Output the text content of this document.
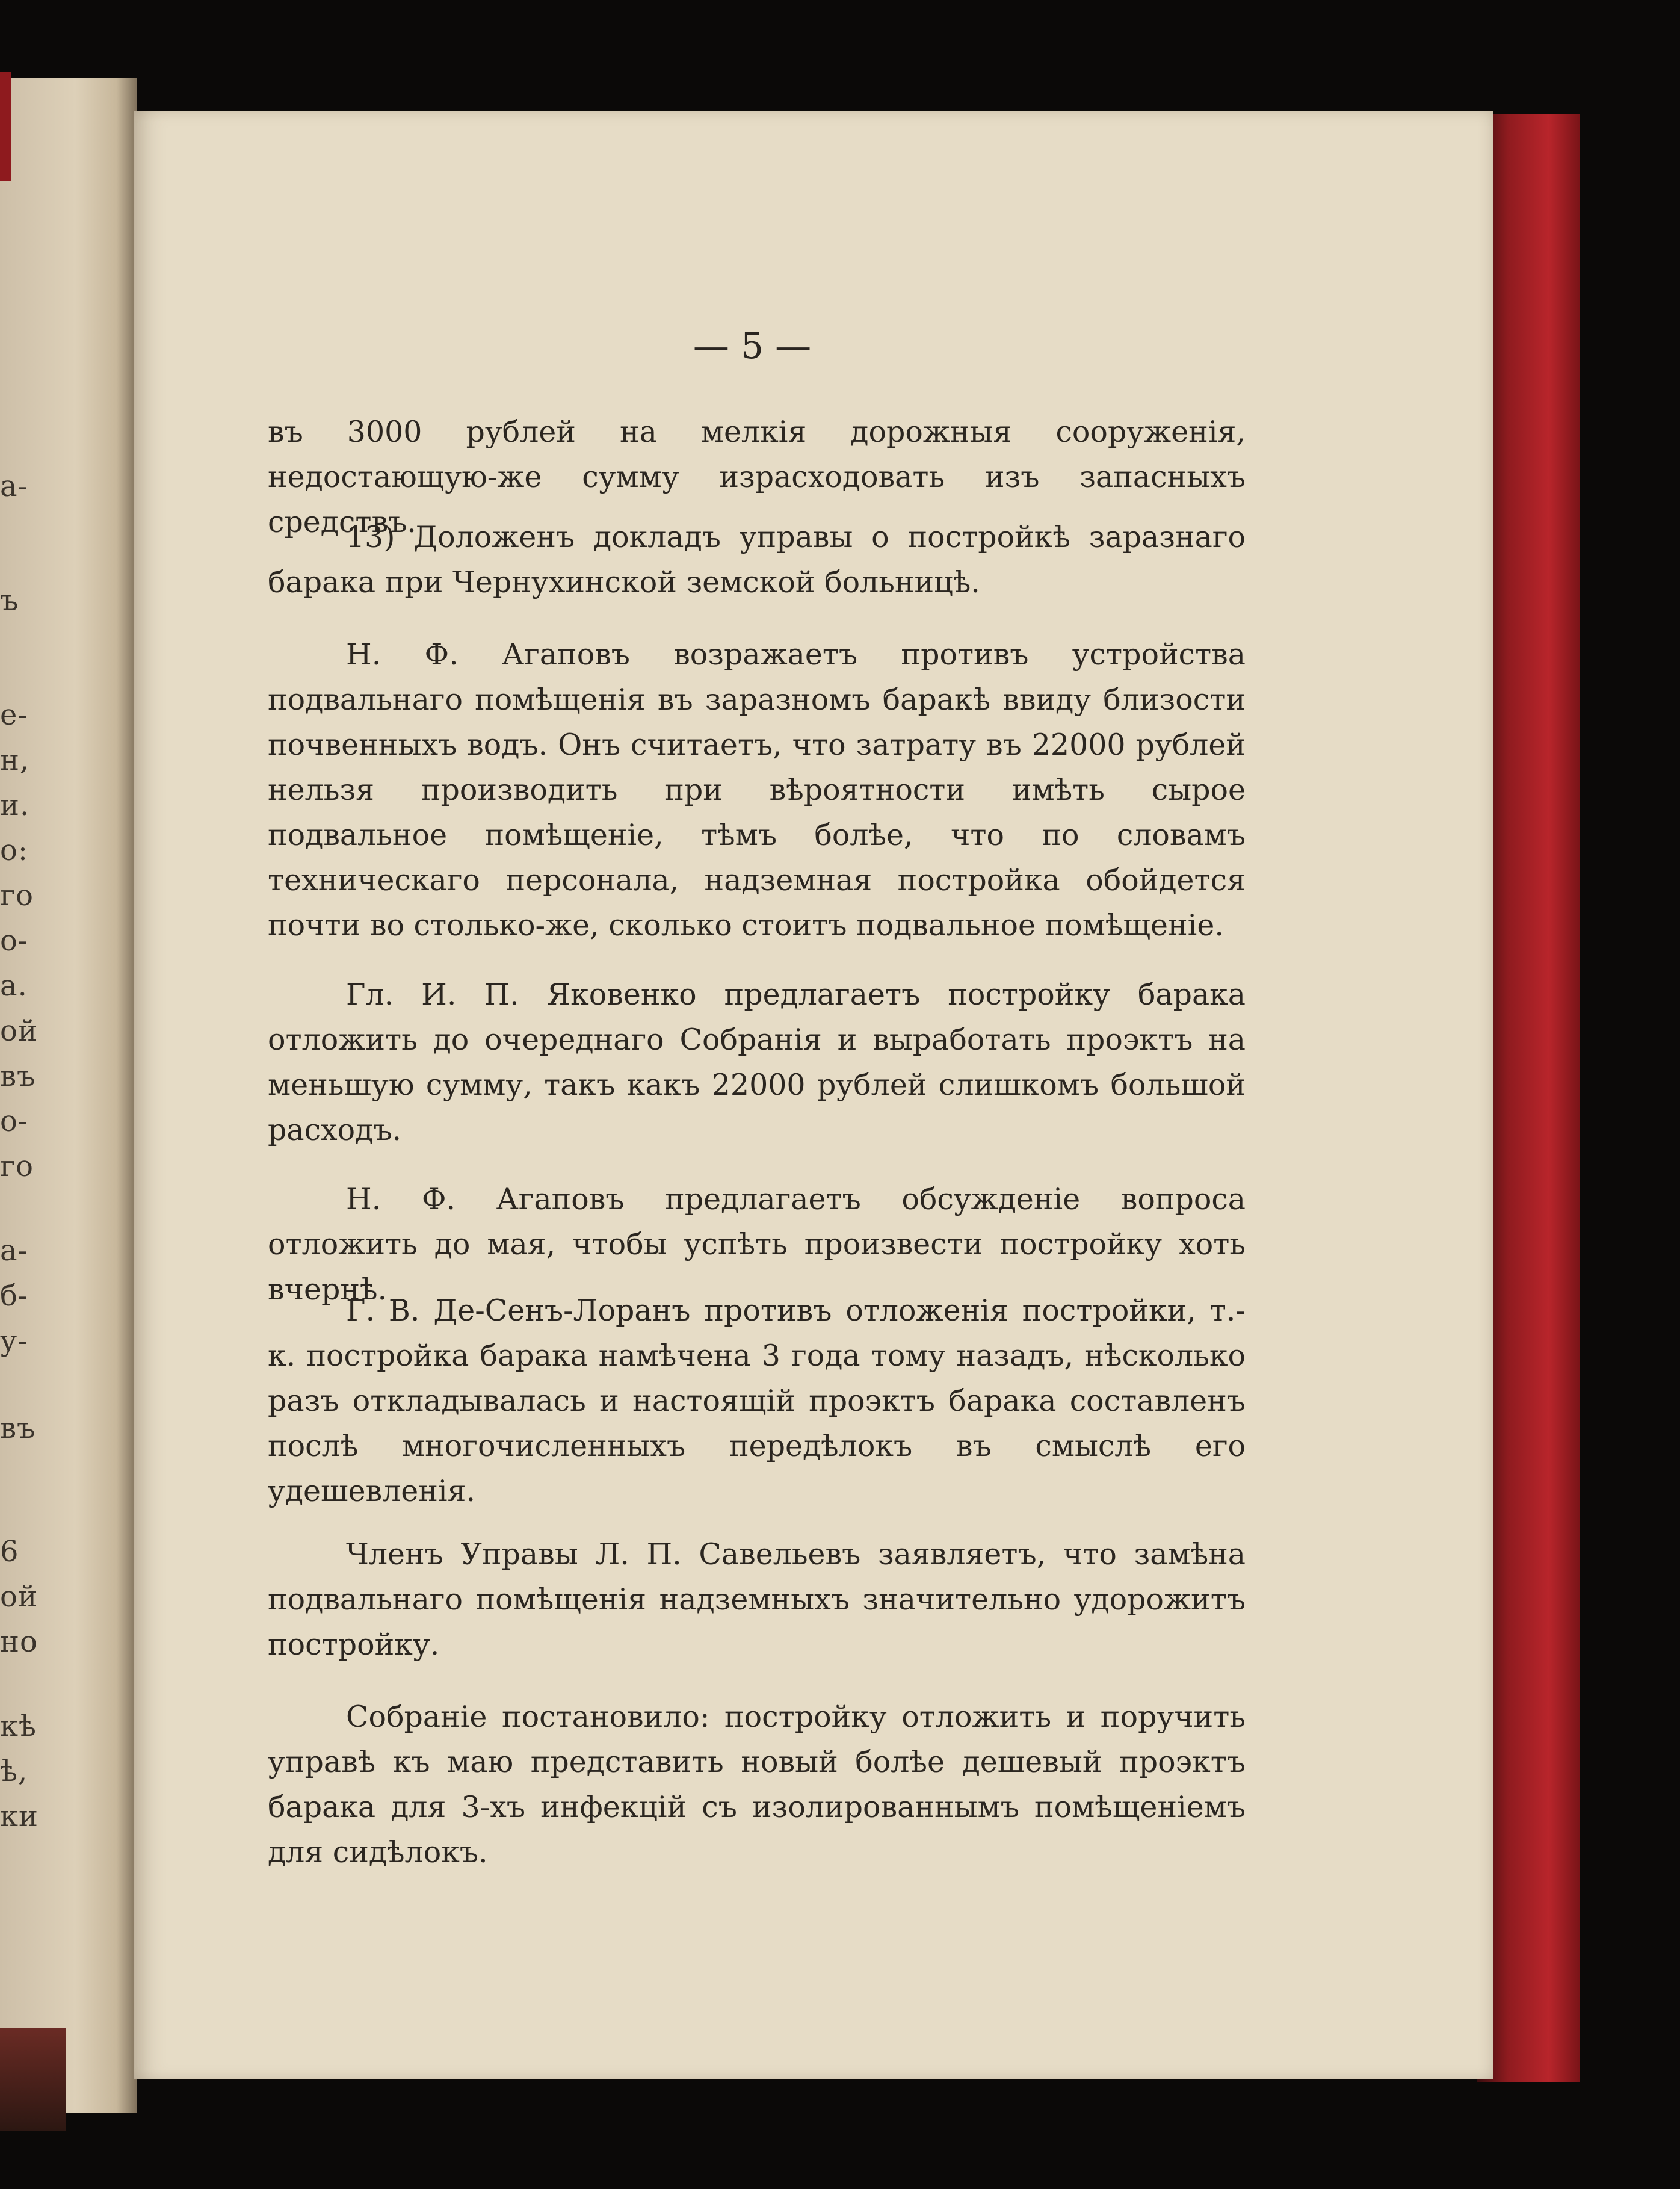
а-
ъ
е-
н,
и.
о:
го
о-
а.
ой
въ
о-
го
а-
б-
у-
въ
6
ой
но
кѣ
ѣ,
ки
— 5 —

въ 3000 рублей на мелкія дорожныя сооруженія, недостающую-же сумму израсходовать изъ запасныхъ средствъ.

13) Доложенъ докладъ управы о постройкѣ заразнаго барака при Чернухинской земской больницѣ.

Н. Ф. Агаповъ возражаетъ противъ устройства подвальнаго помѣщенія въ заразномъ баракѣ ввиду близости почвенныхъ водъ. Онъ считаетъ, что затрату въ 22000 рублей нельзя производить при вѣроятности имѣть сырое подвальное помѣщеніе, тѣмъ болѣе, что по словамъ техническаго персонала, надземная постройка обойдется почти во столько-же, сколько стоитъ подвальное помѣщеніе.

Гл. И. П. Яковенко предлагаетъ постройку барака отложить до очереднаго Собранія и выработать проэктъ на меньшую сумму, такъ какъ 22000 рублей слишкомъ большой расходъ.

Н. Ф. Агаповъ предлагаетъ обсужденіе вопроса отложить до мая, чтобы успѣть произвести постройку хоть вчернѣ.

Г. В. Де-Сенъ-Лоранъ противъ отложенія постройки, т.-к. постройка барака намѣчена 3 года тому назадъ, нѣсколько разъ откладывалась и настоящій проэктъ барака составленъ послѣ многочисленныхъ передѣлокъ въ смыслѣ его удешевленія.

Членъ Управы Л. П. Савельевъ заявляетъ, что замѣна подвальнаго помѣщенія надземныхъ значительно удорожитъ постройку.

Собраніе постановило: постройку отложить и поручить управѣ къ маю представить новый болѣе дешевый проэктъ барака для 3-хъ инфекцій съ изолированнымъ помѣщеніемъ для сидѣлокъ.
